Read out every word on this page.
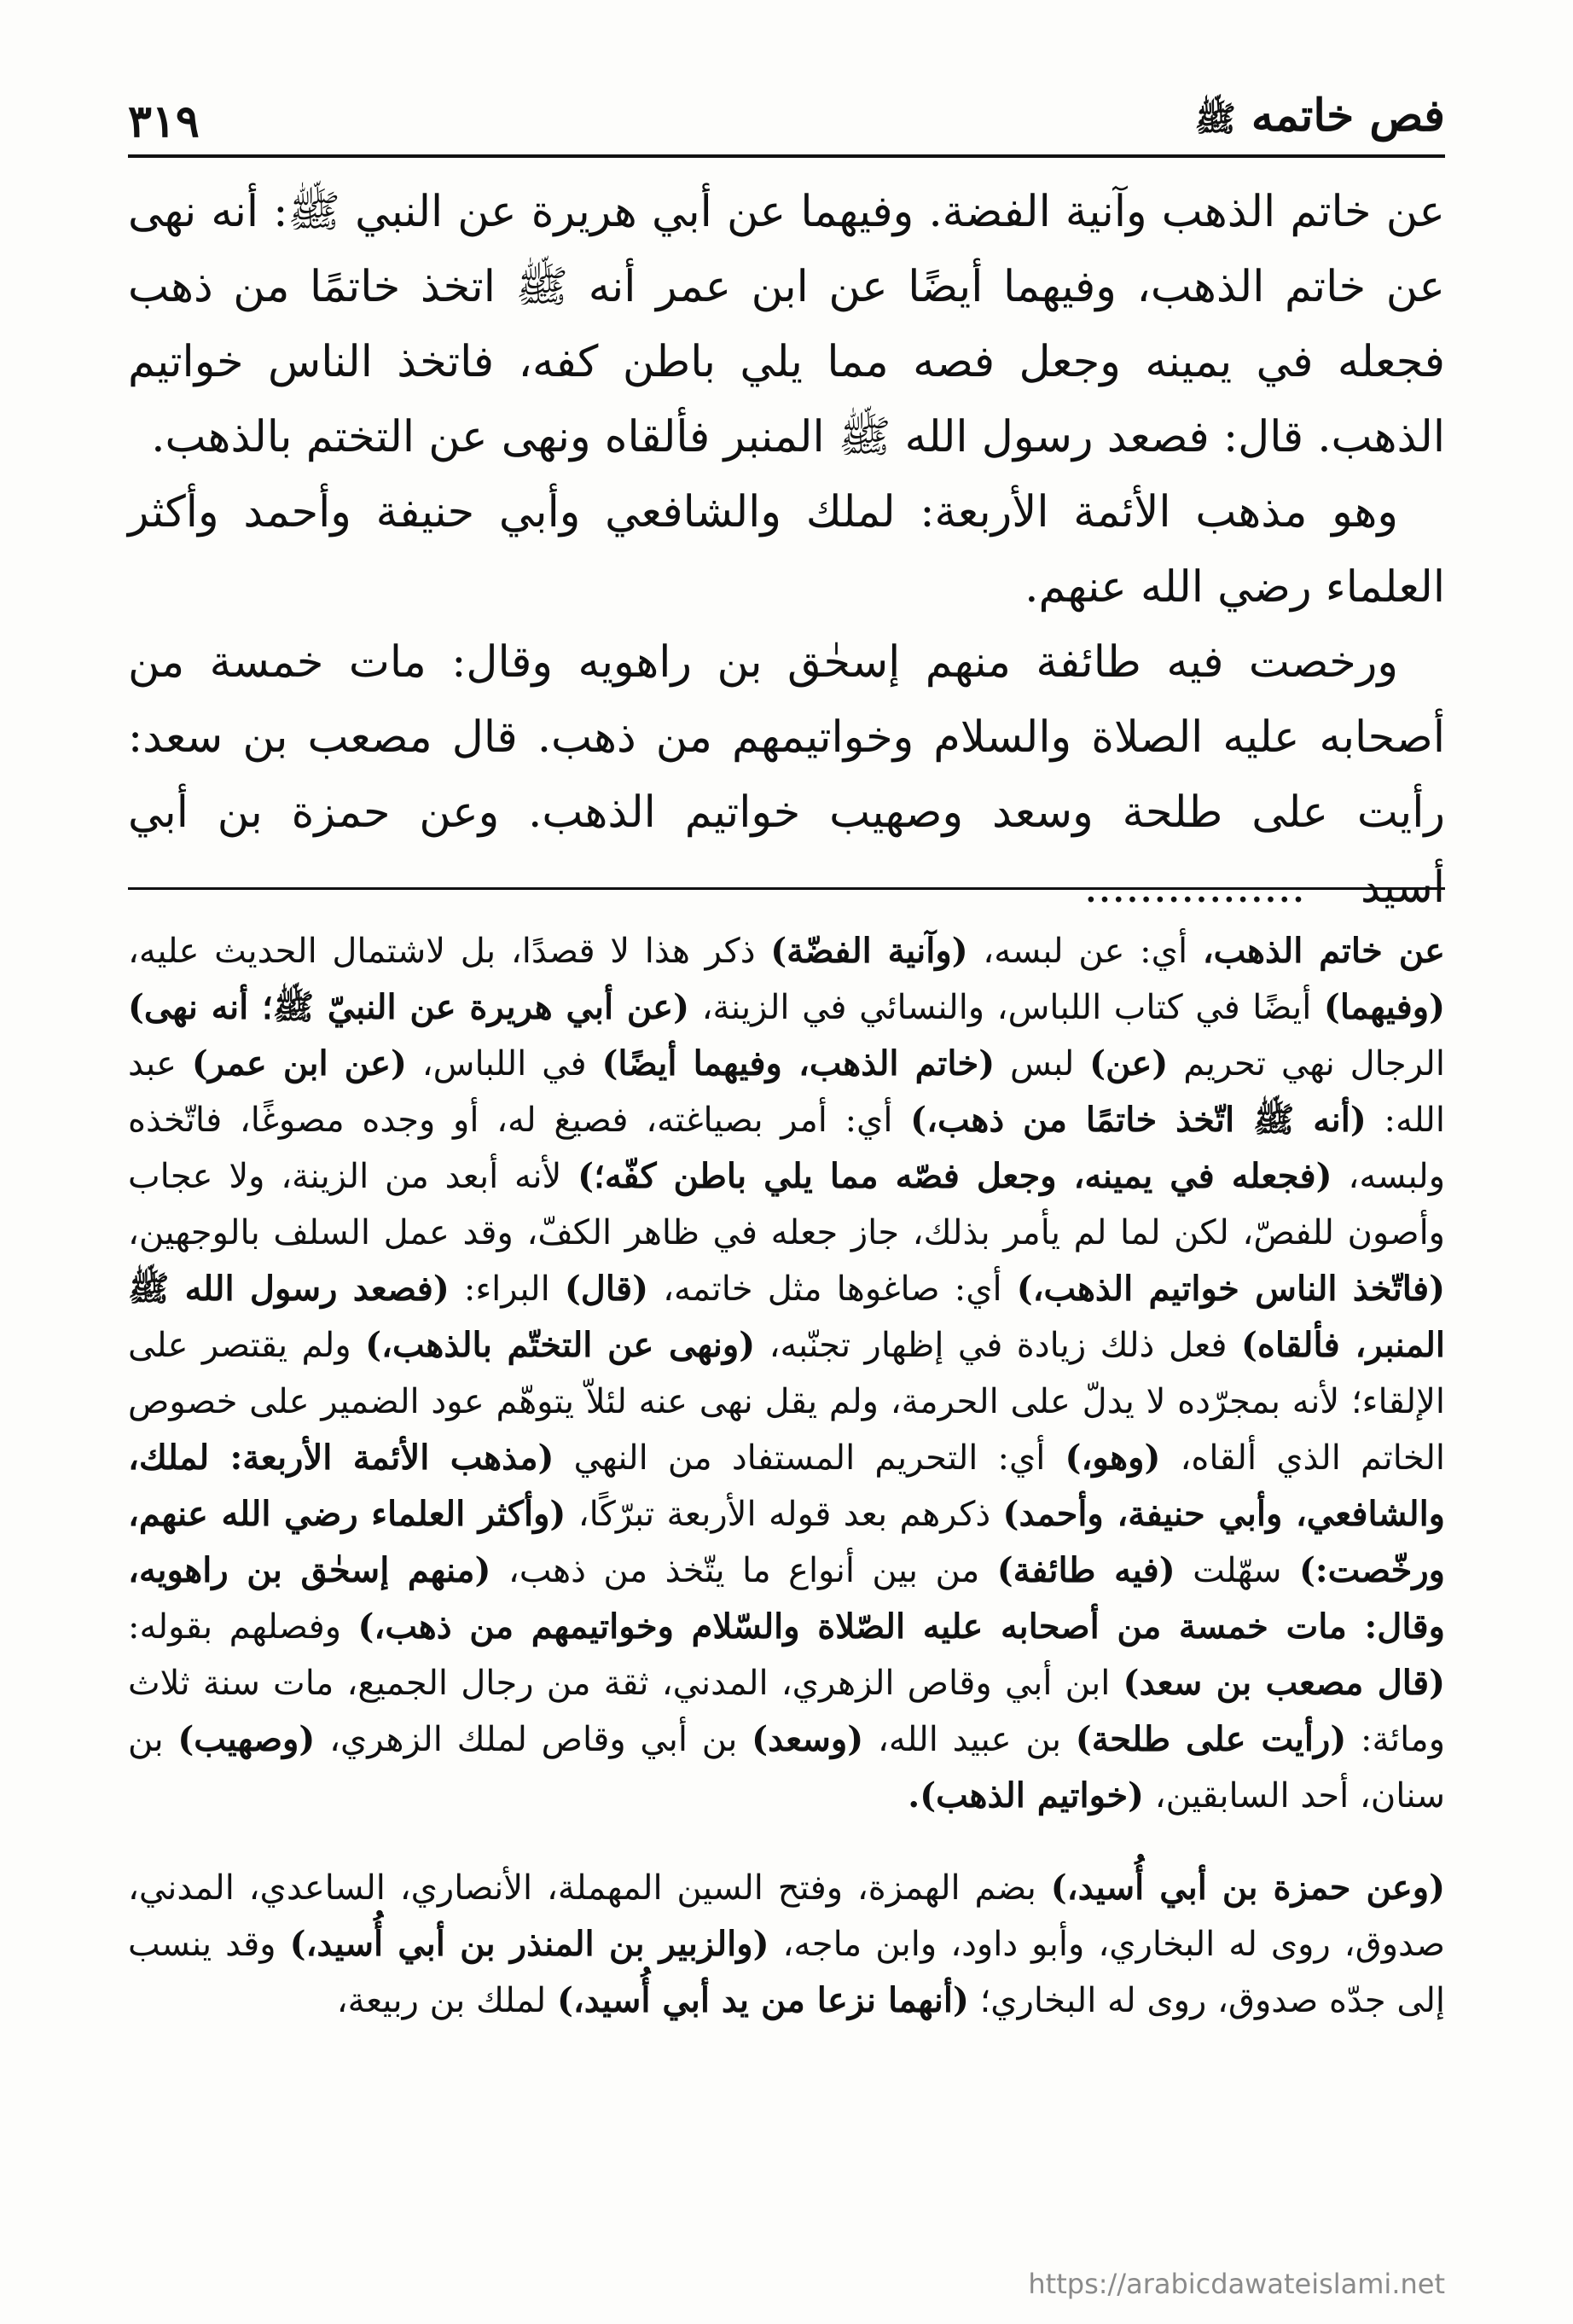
فص خاتمه ﷺ
٣١٩

عن خاتم الذهب وآنية الفضة. وفيهما عن أبي هريرة عن النبي ﷺ: أنه نهى عن خاتم الذهب، وفيهما أيضًا عن ابن عمر أنه ﷺ اتخذ خاتمًا من ذهب فجعله في يمينه وجعل فصه مما يلي باطن كفه، فاتخذ الناس خواتيم الذهب. قال: فصعد رسول الله ﷺ المنبر فألقاه ونهى عن التختم بالذهب.

وهو مذهب الأئمة الأربعة: لملك والشافعي وأبي حنيفة وأحمد وأكثر العلماء رضي الله عنهم.

ورخصت فيه طائفة منهم إسحٰق بن راهويه وقال: مات خمسة من أصحابه عليه الصلاة والسلام وخواتيمهم من ذهب. قال مصعب بن سعد: رأيت على طلحة وسعد وصهيب خواتيم الذهب. وعن حمزة بن أبي أسيد    ................

عن خاتم الذهب، أي: عن لبسه، (وآنية الفضّة) ذكر هذا لا قصدًا، بل لاشتمال الحديث عليه، (وفيهما) أيضًا في كتاب اللباس، والنسائي في الزينة، (عن أبي هريرة عن النبيّ ﷺ؛ أنه نهى) الرجال نهي تحريم (عن) لبس (خاتم الذهب، وفيهما أيضًا) في اللباس، (عن ابن عمر) عبد الله: (أنه ﷺ اتّخذ خاتمًا من ذهب،) أي: أمر بصياغته، فصيغ له، أو وجده مصوغًا، فاتّخذه ولبسه، (فجعله في يمينه، وجعل فصّه مما يلي باطن كفّه؛) لأنه أبعد من الزينة، ولا عجاب وأصون للفصّ، لكن لما لم يأمر بذلك، جاز جعله في ظاهر الكفّ، وقد عمل السلف بالوجهين، (فاتّخذ الناس خواتيم الذهب،) أي: صاغوها مثل خاتمه، (قال) البراء: (فصعد رسول الله ﷺ المنبر، فألقاه) فعل ذلك زيادة في إظهار تجنّبه، (ونهى عن التختّم بالذهب،) ولم يقتصر على الإلقاء؛ لأنه بمجرّده لا يدلّ على الحرمة، ولم يقل نهى عنه لئلاّ يتوهّم عود الضمير على خصوص الخاتم الذي ألقاه، (وهو،) أي: التحريم المستفاد من النهي (مذهب الأئمة الأربعة: لملك، والشافعي، وأبي حنيفة، وأحمد) ذكرهم بعد قوله الأربعة تبرّكًا، (وأكثر العلماء رضي الله عنهم، ورخّصت:) سهّلت (فيه طائفة) من بين أنواع ما يتّخذ من ذهب، (منهم إسحٰق بن راهويه، وقال: مات خمسة من أصحابه عليه الصّلاة والسّلام وخواتيمهم من ذهب،) وفصلهم بقوله: (قال مصعب بن سعد) ابن أبي وقاص الزهري، المدني، ثقة من رجال الجميع، مات سنة ثلاث ومائة: (رأيت على طلحة) بن عبيد الله، (وسعد) بن أبي وقاص لملك الزهري، (وصهيب) بن سنان، أحد السابقين، (خواتيم الذهب).

(وعن حمزة بن أبي أُسيد،) بضم الهمزة، وفتح السين المهملة، الأنصاري، الساعدي، المدني، صدوق، روى له البخاري، وأبو داود، وابن ماجه، (والزبير بن المنذر بن أبي أُسيد،) وقد ينسب إلى جدّه صدوق، روى له البخاري؛ (أنهما نزعا من يد أبي أُسيد،) لملك بن ربيعة،

https://arabicdawateislami.net
